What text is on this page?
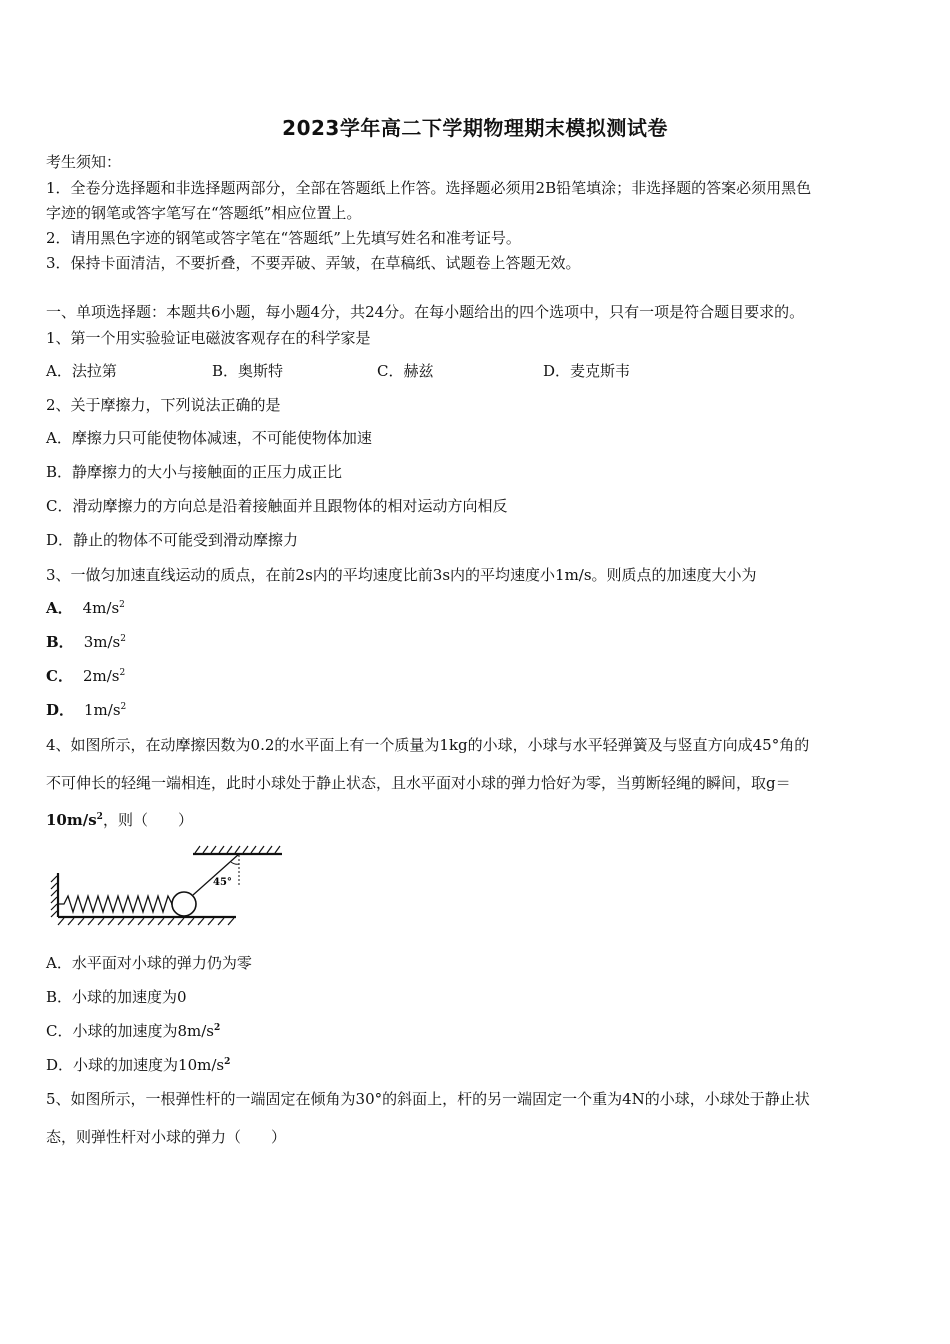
2023学年高二下学期物理期末模拟测试卷
考生须知：
1．全卷分选择题和非选择题两部分，全部在答题纸上作答。选择题必须用2B铅笔填涂；非选择题的答案必须用黑色
字迹的钢笔或答字笔写在“答题纸”相应位置上。
2．请用黑色字迹的钢笔或答字笔在“答题纸”上先填写姓名和准考证号。
3．保持卡面清洁，不要折叠，不要弄破、弄皱，在草稿纸、试题卷上答题无效。
一、单项选择题：本题共6小题，每小题4分，共24分。在每小题给出的四个选项中，只有一项是符合题目要求的。
1、第一个用实验验证电磁波客观存在的科学家是
A．法拉第	B．奥斯特	C．赫兹	D．麦克斯韦
2、关于摩擦力，下列说法正确的是
A．摩擦力只可能使物体减速，不可能使物体加速
B．静摩擦力的大小与接触面的正压力成正比
C．滑动摩擦力的方向总是沿着接触面并且跟物体的相对运动方向相反
D．静止的物体不可能受到滑动摩擦力
3、一做匀加速直线运动的质点，在前2s内的平均速度比前3s内的平均速度小1m/s。则质点的加速度大小为
A． $4m/s^2$
B． $3m/s^2$
C． $2m/s^2$
D． $1m/s^2$
4、如图所示，在动摩擦因数为0.2的水平面上有一个质量为1kg的小球，小球与水平轻弹簧及与竖直方向成45°角的
不可伸长的轻绳一端相连，此时小球处于静止状态，且水平面对小球的弹力恰好为零，当剪断轻绳的瞬间，取g＝
$10m/s^2$，则（　　）
45°
A．水平面对小球的弹力仍为零
B．小球的加速度为0
C．小球的加速度为$8m/s^2$
D．小球的加速度为$10m/s^2$
5、如图所示，一根弹性杆的一端固定在倾角为30°的斜面上，杆的另一端固定一个重为4N的小球，小球处于静止状
态，则弹性杆对小球的弹力（　　）
